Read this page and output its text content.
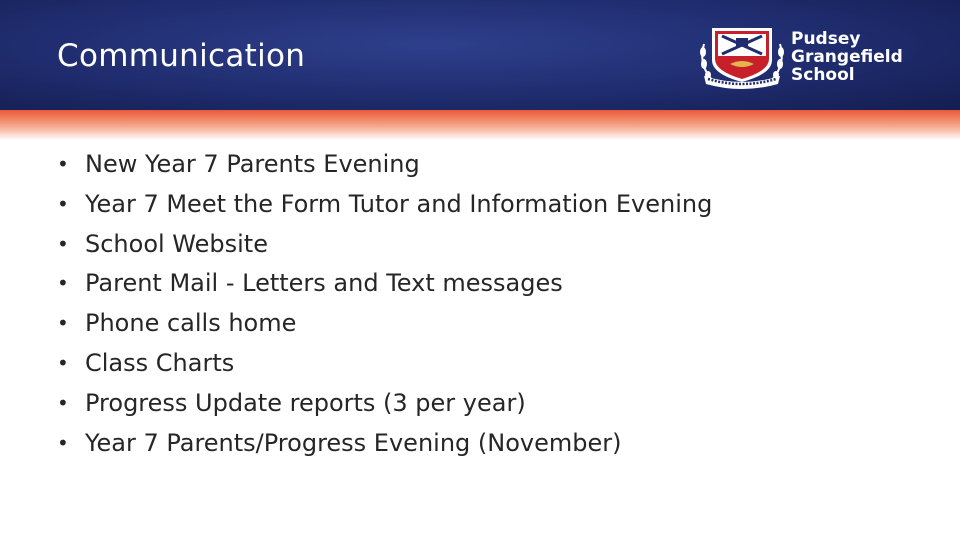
Communication	Pudsey
Grangefield
School
• New Year 7 Parents Evening
• Year 7 Meet the Form Tutor and Information Evening
• School Website
• Parent Mail - Letters and Text messages
• Phone calls home
• Class Charts
• Progress Update reports (3 per year)
• Year 7 Parents/Progress Evening (November)
